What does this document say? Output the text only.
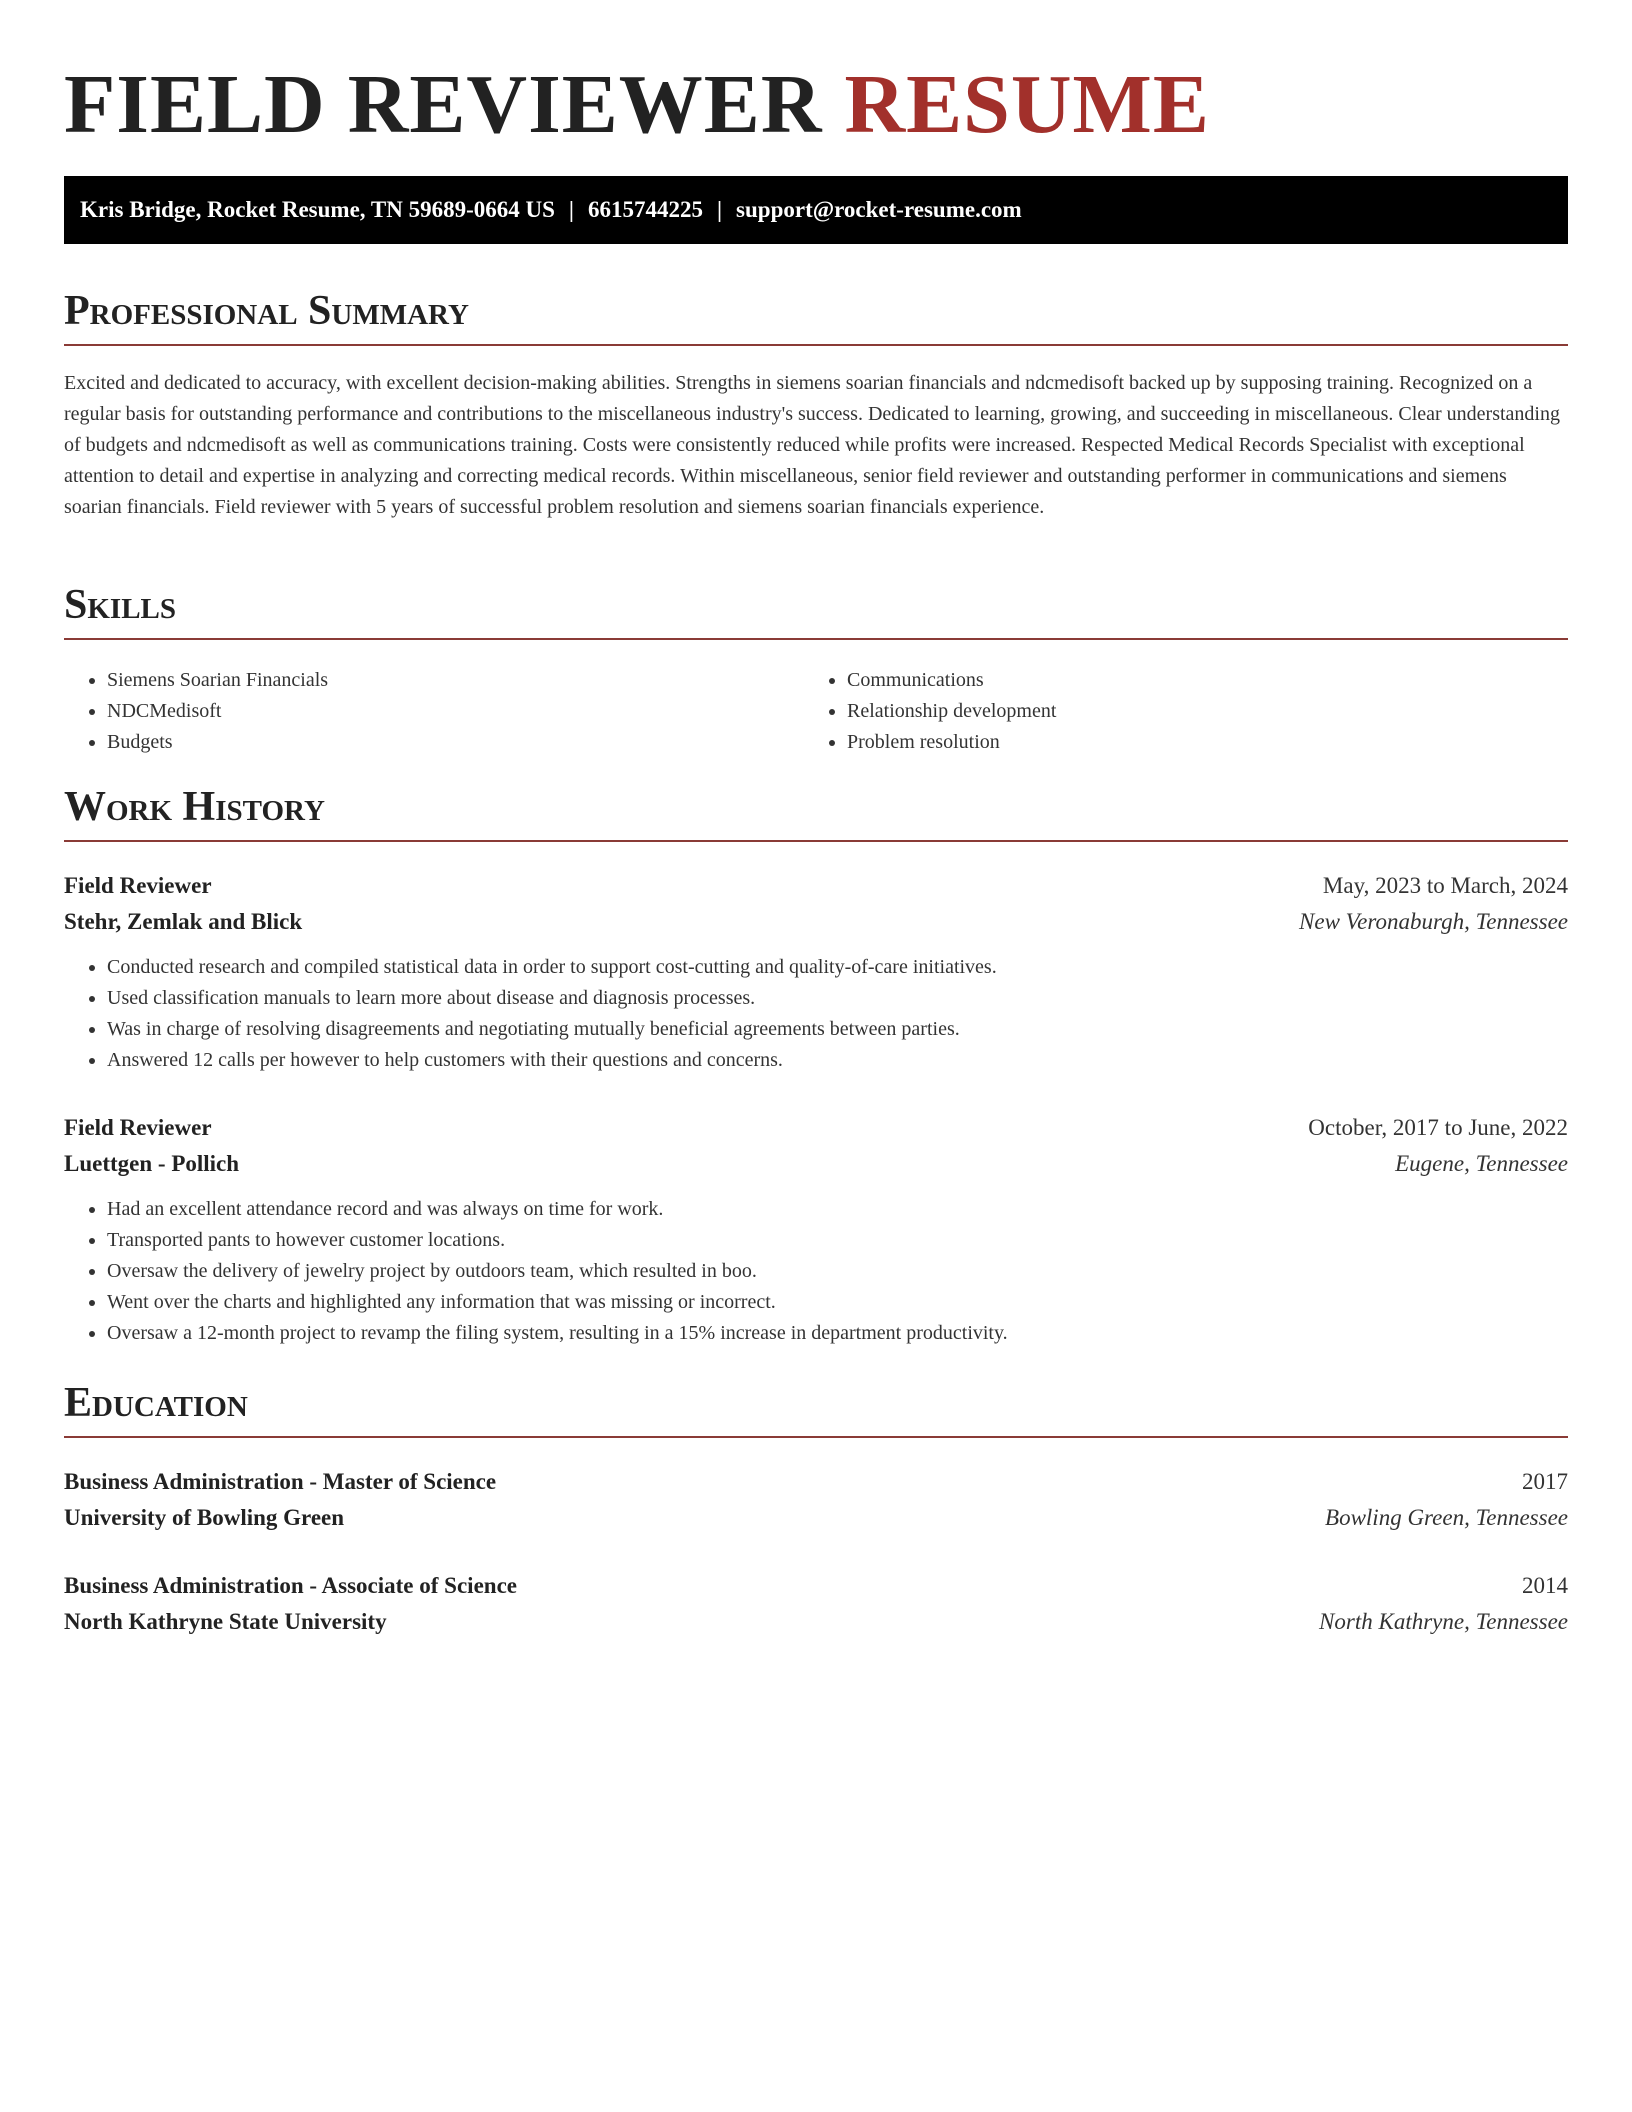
FIELD REVIEWER RESUME
Kris Bridge, Rocket Resume, TN 59689-0664 US | 6615744225 | support@rocket-resume.com
Professional Summary

Excited and dedicated to accuracy, with excellent decision-making abilities. Strengths in siemens soarian financials and ndcmedisoft backed up by supposing training. Recognized on a regular basis for outstanding performance and contributions to the miscellaneous industry's success. Dedicated to learning, growing, and succeeding in miscellaneous. Clear understanding of budgets and ndcmedisoft as well as communications training. Costs were consistently reduced while profits were increased. Respected Medical Records Specialist with exceptional attention to detail and expertise in analyzing and correcting medical records. Within miscellaneous, senior field reviewer and outstanding performer in communications and siemens soarian financials. Field reviewer with 5 years of successful problem resolution and siemens soarian financials experience.

Skills
• Siemens Soarian Financials
• NDCMedisoft
• Budgets
• Communications
• Relationship development
• Problem resolution
Work History
Field Reviewer	May, 2023 to March, 2024
Stehr, Zemlak and Blick	New Veronaburgh, Tennessee
• Conducted research and compiled statistical data in order to support cost-cutting and quality-of-care initiatives.
• Used classification manuals to learn more about disease and diagnosis processes.
• Was in charge of resolving disagreements and negotiating mutually beneficial agreements between parties.
• Answered 12 calls per however to help customers with their questions and concerns.
Field Reviewer	October, 2017 to June, 2022
Luettgen - Pollich	Eugene, Tennessee
• Had an excellent attendance record and was always on time for work.
• Transported pants to however customer locations.
• Oversaw the delivery of jewelry project by outdoors team, which resulted in boo.
• Went over the charts and highlighted any information that was missing or incorrect.
• Oversaw a 12-month project to revamp the filing system, resulting in a 15% increase in department productivity.
Education
Business Administration - Master of Science	2017
University of Bowling Green	Bowling Green, Tennessee
Business Administration - Associate of Science	2014
North Kathryne State University	North Kathryne, Tennessee
